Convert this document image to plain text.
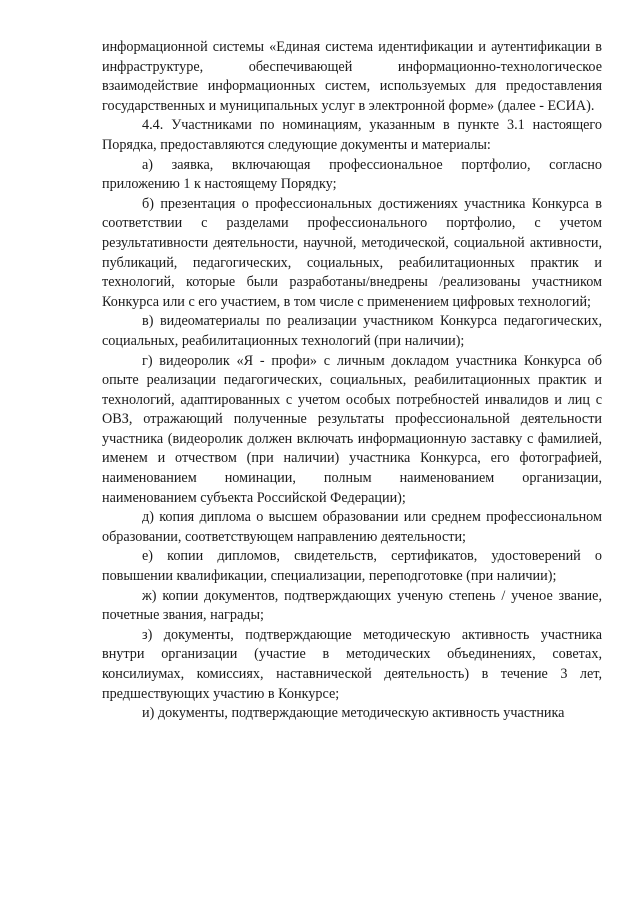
информационной системы «Единая система идентификации и аутентификации в инфраструктуре, обеспечивающей информационно-технологическое взаимодействие информационных систем, используемых для предоставления государственных и муниципальных услуг в электронной форме» (далее - ЕСИА).

4.4. Участниками по номинациям, указанным в пункте 3.1 настоящего Порядка, предоставляются следующие документы и материалы:

а) заявка, включающая профессиональное портфолио, согласно приложению 1 к настоящему Порядку;

б) презентация о профессиональных достижениях участника Конкурса в соответствии с разделами профессионального портфолио, с учетом результативности деятельности, научной, методической, социальной активности, публикаций, педагогических, социальных, реабилитационных практик и технологий, которые были разработаны/внедрены /реализованы участником Конкурса или с его участием, в том числе с применением цифровых технологий;

в) видеоматериалы по реализации участником Конкурса педагогических, социальных, реабилитационных технологий (при наличии);

г) видеоролик «Я - профи» с личным докладом участника Конкурса об опыте реализации педагогических, социальных, реабилитационных практик и технологий, адаптированных с учетом особых потребностей инвалидов и лиц с ОВЗ, отражающий полученные результаты профессиональной деятельности участника (видеоролик должен включать информационную заставку с фамилией, именем и отчеством (при наличии) участника Конкурса, его фотографией, наименованием номинации, полным наименованием организации, наименованием субъекта Российской Федерации);

д) копия диплома о высшем образовании или среднем профессиональном образовании, соответствующем направлению деятельности;

е) копии дипломов, свидетельств, сертификатов, удостоверений о повышении квалификации, специализации, переподготовке (при наличии);

ж) копии документов, подтверждающих ученую степень / ученое звание, почетные звания, награды;

з) документы, подтверждающие методическую активность участника внутри организации (участие в методических объединениях, советах, консилиумах, комиссиях, наставнической деятельность) в течение 3 лет, предшествующих участию в Конкурсе;

и) документы, подтверждающие методическую активность участника
